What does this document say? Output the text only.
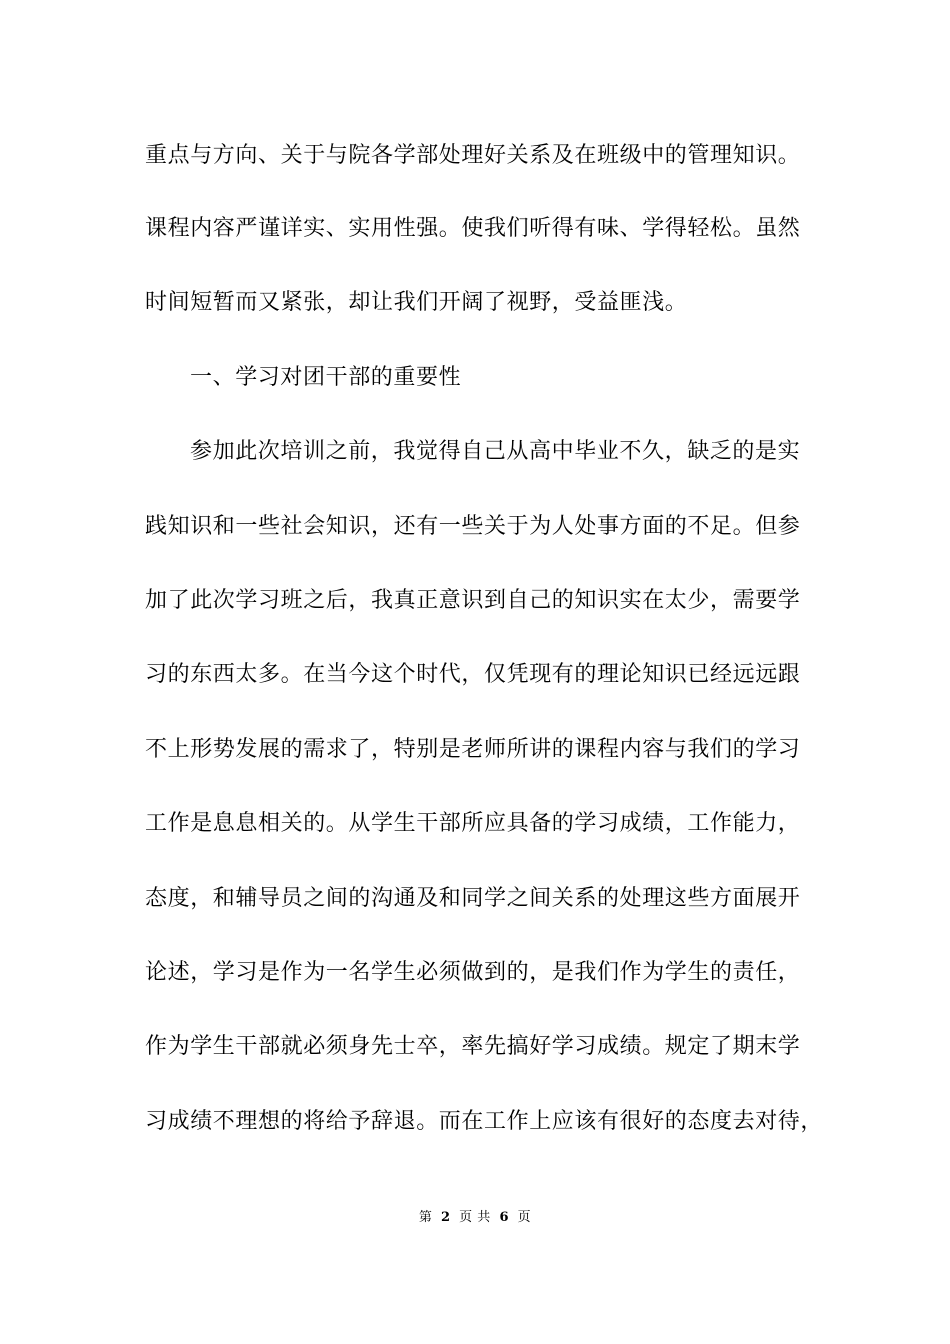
重点与方向、关于与院各学部处理好关系及在班级中的管理知识。
课程内容严谨详实、实用性强。使我们听得有味、学得轻松。虽然
时间短暂而又紧张，却让我们开阔了视野，受益匪浅。
一、学习对团干部的重要性
参加此次培训之前，我觉得自己从高中毕业不久，缺乏的是实
践知识和一些社会知识，还有一些关于为人处事方面的不足。但参
加了此次学习班之后，我真正意识到自己的知识实在太少，需要学
习的东西太多。在当今这个时代，仅凭现有的理论知识已经远远跟
不上形势发展的需求了，特别是老师所讲的课程内容与我们的学习
工作是息息相关的。从学生干部所应具备的学习成绩，工作能力，
态度，和辅导员之间的沟通及和同学之间关系的处理这些方面展开
论述，学习是作为一名学生必须做到的，是我们作为学生的责任，
作为学生干部就必须身先士卒，率先搞好学习成绩。规定了期末学
习成绩不理想的将给予辞退。而在工作上应该有很好的态度去对待，
第 2 页 共 6 页
